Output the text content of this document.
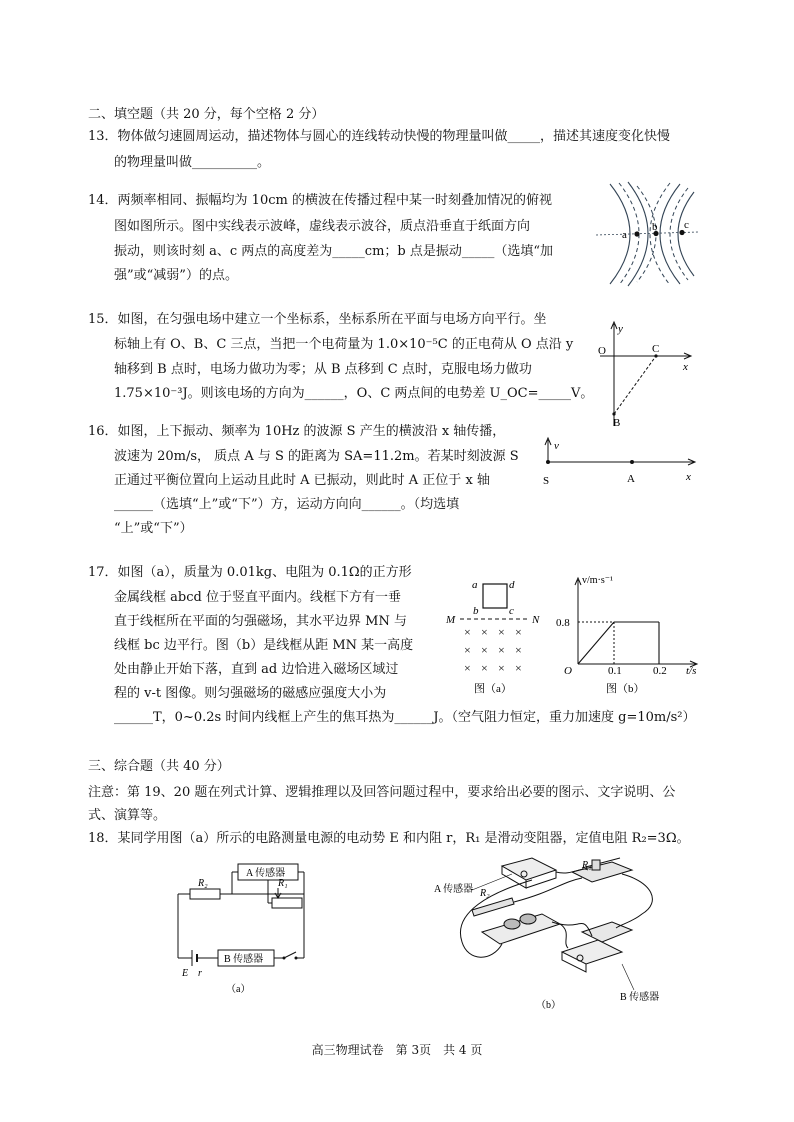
二、填空题（共 20 分，每个空格 2 分）
13．物体做匀速圆周运动，描述物体与圆心的连线转动快慢的物理量叫做_____，描述其速度变化快慢
的物理量叫做__________。
14．两频率相同、振幅均为 10cm 的横波在传播过程中某一时刻叠加情况的俯视
图如图所示。图中实线表示波峰，虚线表示波谷，质点沿垂直于纸面方向
振动，则该时刻 a、c 两点的高度差为_____cm；b 点是振动_____（选填“加
强”或“减弱”）的点。
a
b c
15．如图，在匀强电场中建立一个坐标系，坐标系所在平面与电场方向平行。坐
标轴上有 O、B、C 三点，当把一个电荷量为 1.0×10⁻⁵C 的正电荷从 O 点沿 y
轴移到 B 点时，电场力做功为零；从 B 点移到 C 点时，克服电场力做功
1.75×10⁻³J。则该电场的方向为______，O、C 两点间的电势差 U_OC=_____V。
y
x
O	C
B
16．如图，上下振动、频率为 10Hz 的波源 S 产生的横波沿 x 轴传播，
波速为 20m/s， 质点 A 与 S 的距离为 SA=11.2m。若某时刻波源 S
正通过平衡位置向上运动且此时 A 已振动，则此时 A 正位于 x 轴
______（选填“上”或“下”）方，运动方向向______。（均选填
“上”或“下”）
v
S	A	x
17．如图（a），质量为 0.01kg、电阻为 0.1Ω的正方形
金属线框 abcd 位于竖直平面内。线框下方有一垂
直于线框所在平面的匀强磁场，其水平边界 MN 与
线框 bc 边平行。图（b）是线框从距 MN 某一高度
处由静止开始下落，直到 ad 边恰进入磁场区域过
程的 v-t 图像。则匀强磁场的磁感应强度大小为
______T，0~0.2s 时间内线框上产生的焦耳热为______J。（空气阻力恒定，重力加速度 g=10m/s²）
a	d
b	c
M	N
× × × ×
× × × ×
× × × ×
图（a）
v/m·s⁻¹
0.8
O	0.1	0.2 t/s
图（b）
三、综合题（共 40 分）
注意：第 19、20 题在列式计算、逻辑推理以及回答问题过程中，要求给出必要的图示、文字说明、公
式、演算等。
18．某同学用图（a）所示的电路测量电源的电动势 E 和内阻 r，R₁ 是滑动变阻器，定值电阻 R₂=3Ω。
A 传感器
R₂	R₁
B 传感器
E r
（a）
A 传感器
R₁
R₂
B 传感器
（b）
高三物理试卷　第 3页　共 4 页
